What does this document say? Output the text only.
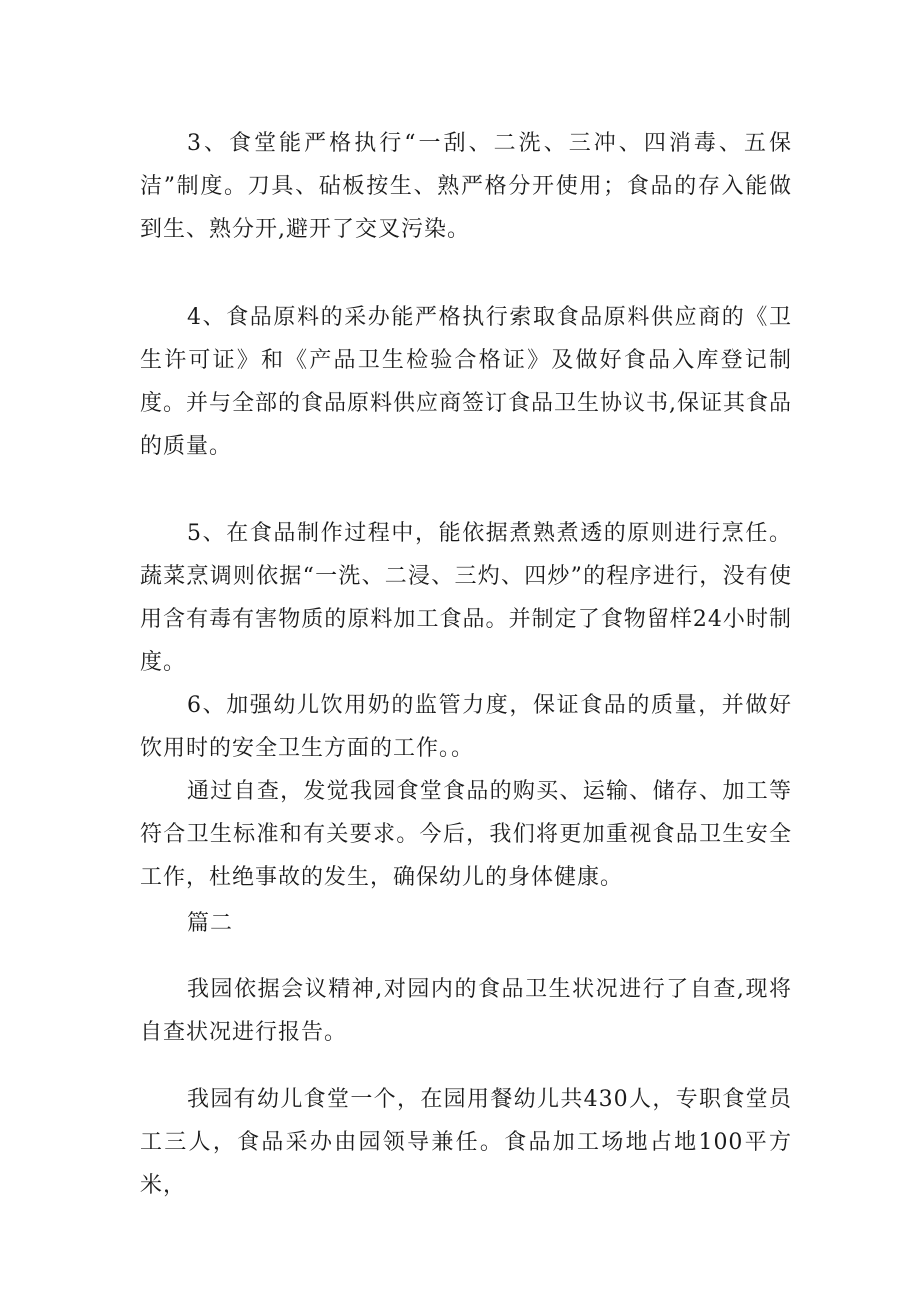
3、食堂能严格执行“一刮、二洗、三冲、四消毒、五保洁”制度。刀具、砧板按生、熟严格分开使用；食品的存入能做到生、熟分开,避开了交叉污染。

4、食品原料的采办能严格执行索取食品原料供应商的《卫生许可证》和《产品卫生检验合格证》及做好食品入库登记制度。并与全部的食品原料供应商签订食品卫生协议书,保证其食品的质量。

5、在食品制作过程中，能依据煮熟煮透的原则进行烹任。蔬菜烹调则依据“一洗、二浸、三灼、四炒”的程序进行，没有使用含有毒有害物质的原料加工食品。并制定了食物留样24小时制度。

6、加强幼儿饮用奶的监管力度，保证食品的质量，并做好饮用时的安全卫生方面的工作。。

通过自查，发觉我园食堂食品的购买、运输、储存、加工等符合卫生标准和有关要求。今后，我们将更加重视食品卫生安全工作，杜绝事故的发生，确保幼儿的身体健康。

篇二

我园依据会议精神,对园内的食品卫生状况进行了自查,现将自查状况进行报告。

我园有幼儿食堂一个，在园用餐幼儿共430人，专职食堂员工三人，食品采办由园领导兼任。食品加工场地占地100平方米，
